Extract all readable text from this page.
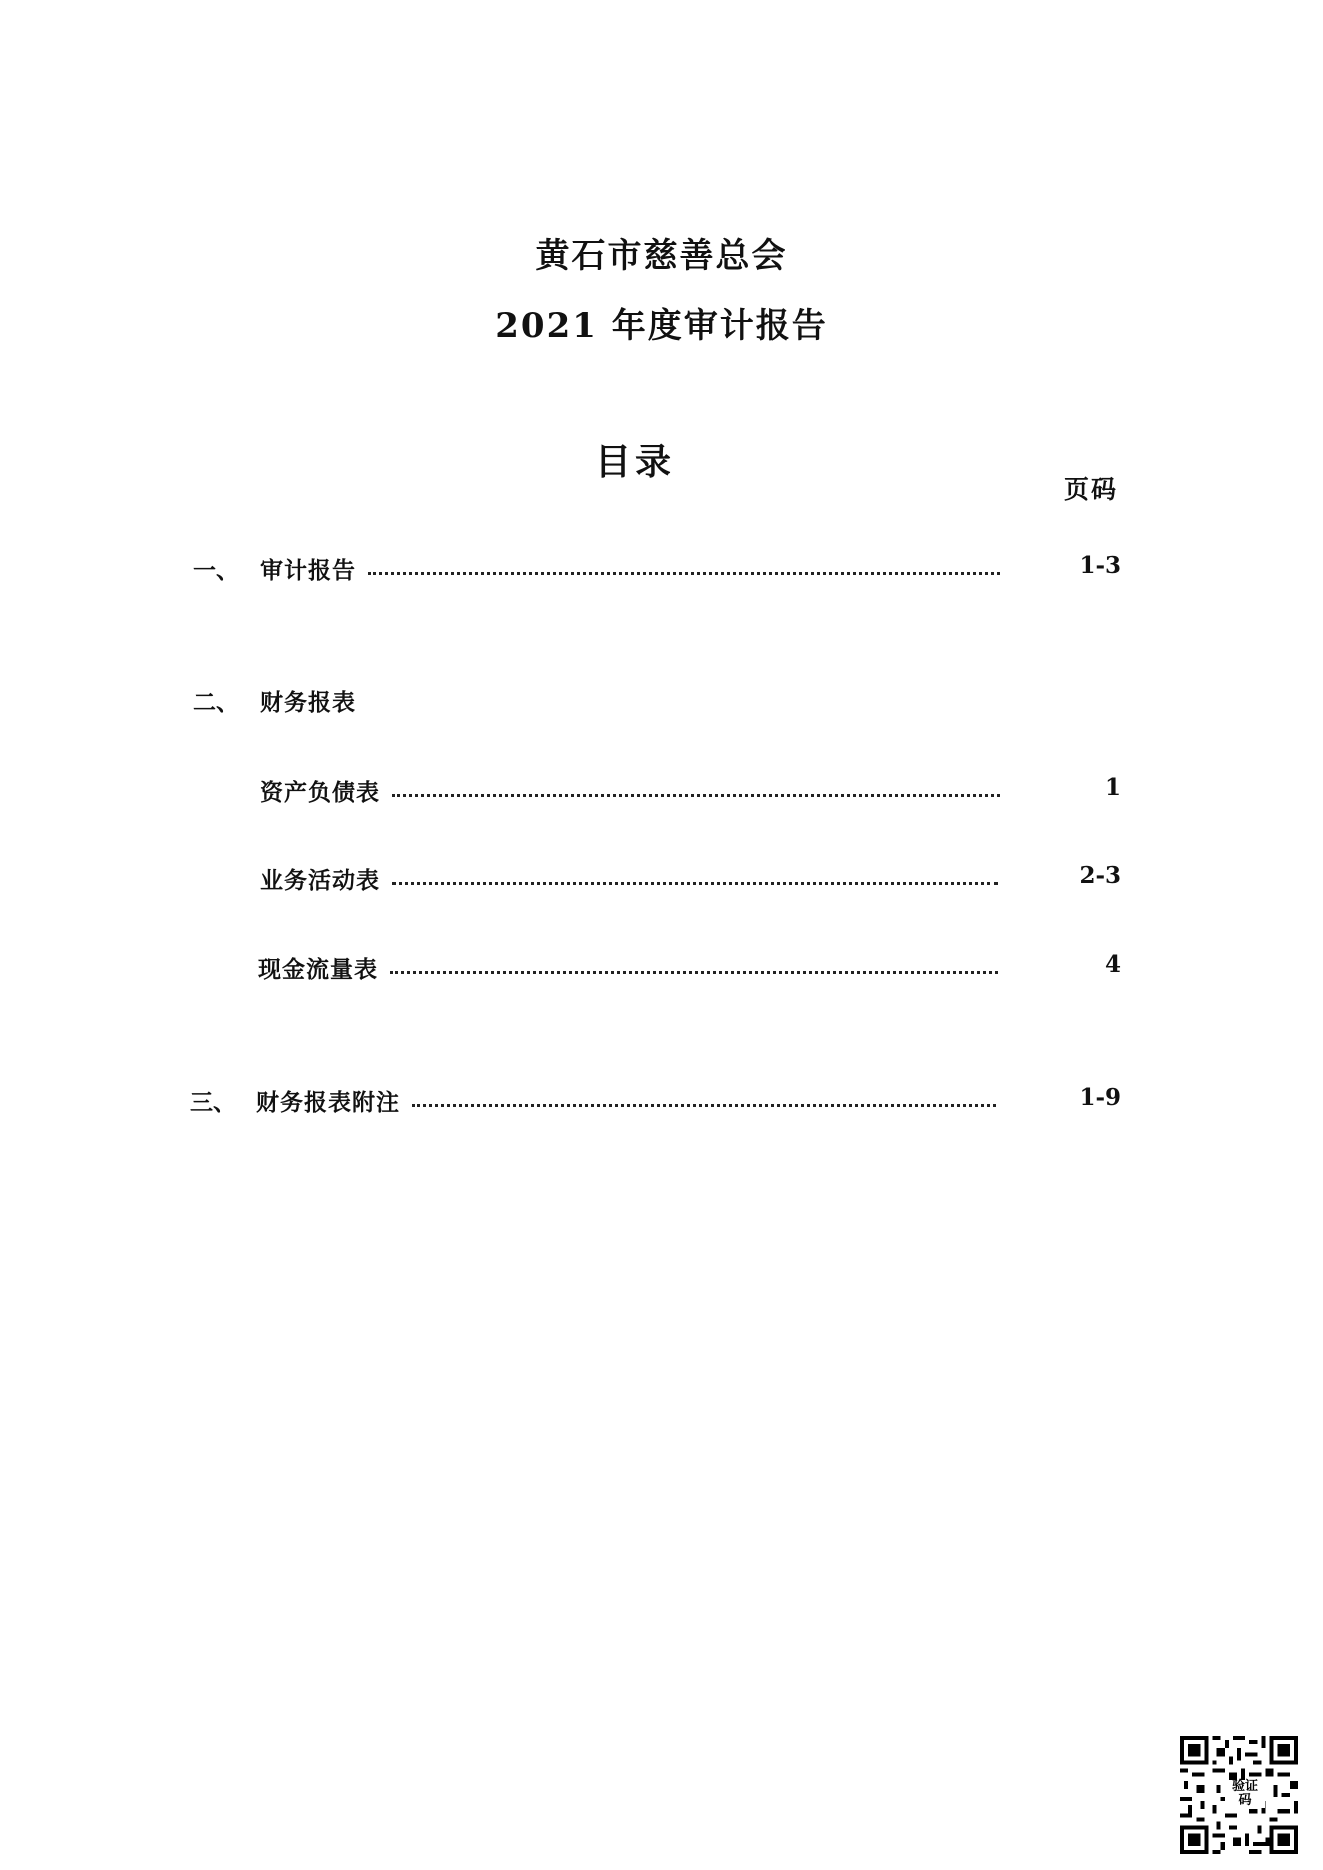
黄石市慈善总会
2021 年度审计报告
目录
页码
一、 审计报告	1-3
二、 财务报表
资产负债表	1
业务活动表	2-3
现金流量表	4
三、 财务报表附注	1-9
验证
码
